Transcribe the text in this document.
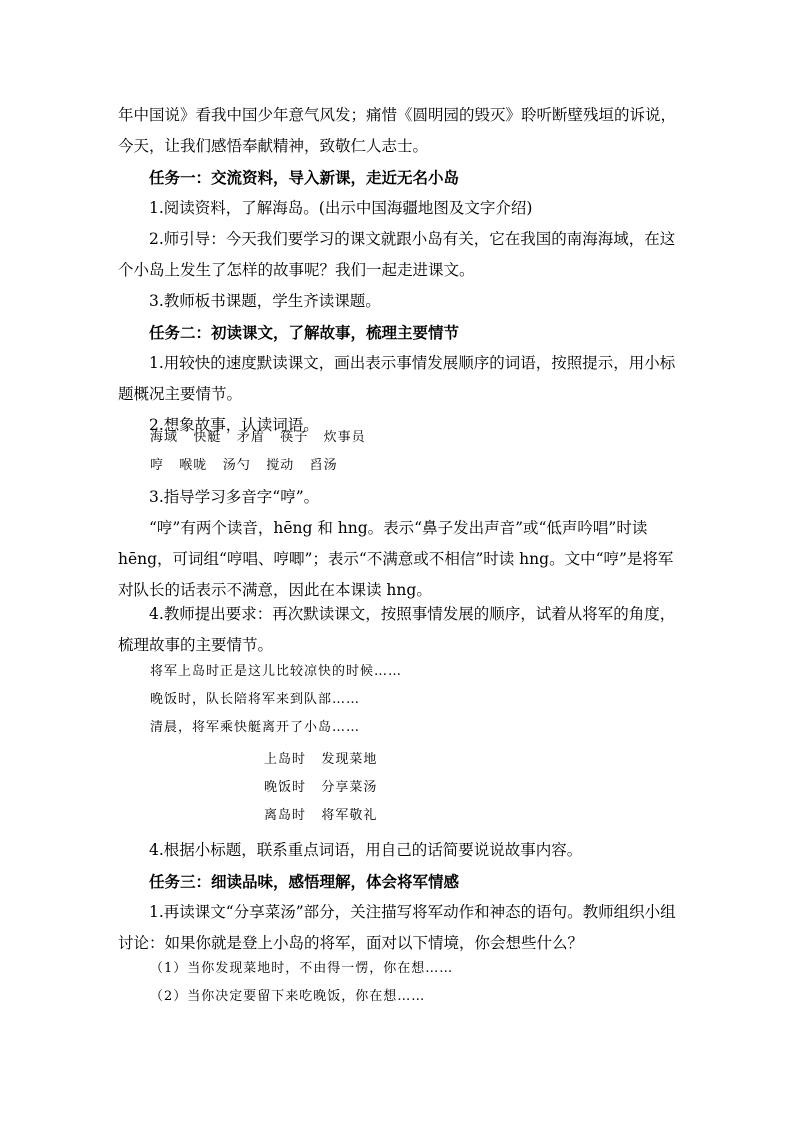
年中国说》看我中国少年意气风发；痛惜《圆明园的毁灭》聆听断壁残垣的诉说，今天，让我们感悟奉献精神，致敬仁人志士。

任务一：交流资料，导入新课，走近无名小岛

1.阅读资料，了解海岛。(出示中国海疆地图及文字介绍)

2.师引导：今天我们要学习的课文就跟小岛有关，它在我国的南海海域，在这个小岛上发生了怎样的故事呢？我们一起走进课文。

3.教师板书课题，学生齐读课题。

任务二：初读课文，了解故事，梳理主要情节

1.用较快的速度默读课文，画出表示事情发展顺序的词语，按照提示，用小标题概况主要情节。

2.想象故事，认读词语。

海域   快艇   矛盾   筷子   炊事员

哼   喉咙   汤勺   搅动   舀汤

3.指导学习多音字“哼”。

“哼”有两个读音，hēng 和 hng。表示“鼻子发出声音”或“低声吟唱”时读 hēng，可词组“哼唱、哼唧”；表示“不满意或不相信”时读 hng。文中“哼”是将军对队长的话表示不满意，因此在本课读 hng。

4.教师提出要求：再次默读课文，按照事情发展的顺序，试着从将军的角度，梳理故事的主要情节。

将军上岛时正是这儿比较凉快的时候……

晚饭时，队长陪将军来到队部……

清晨，将军乘快艇离开了小岛……

上岛时   发现菜地

晚饭时   分享菜汤

离岛时   将军敬礼

4.根据小标题，联系重点词语，用自己的话简要说说故事内容。

任务三：细读品味，感悟理解，体会将军情感

1.再读课文“分享菜汤”部分，关注描写将军动作和神态的语句。教师组织小组讨论：如果你就是登上小岛的将军，面对以下情境，你会想些什么？

（1）当你发现菜地时，不由得一愣，你在想……

（2）当你决定要留下来吃晚饭，你在想……
